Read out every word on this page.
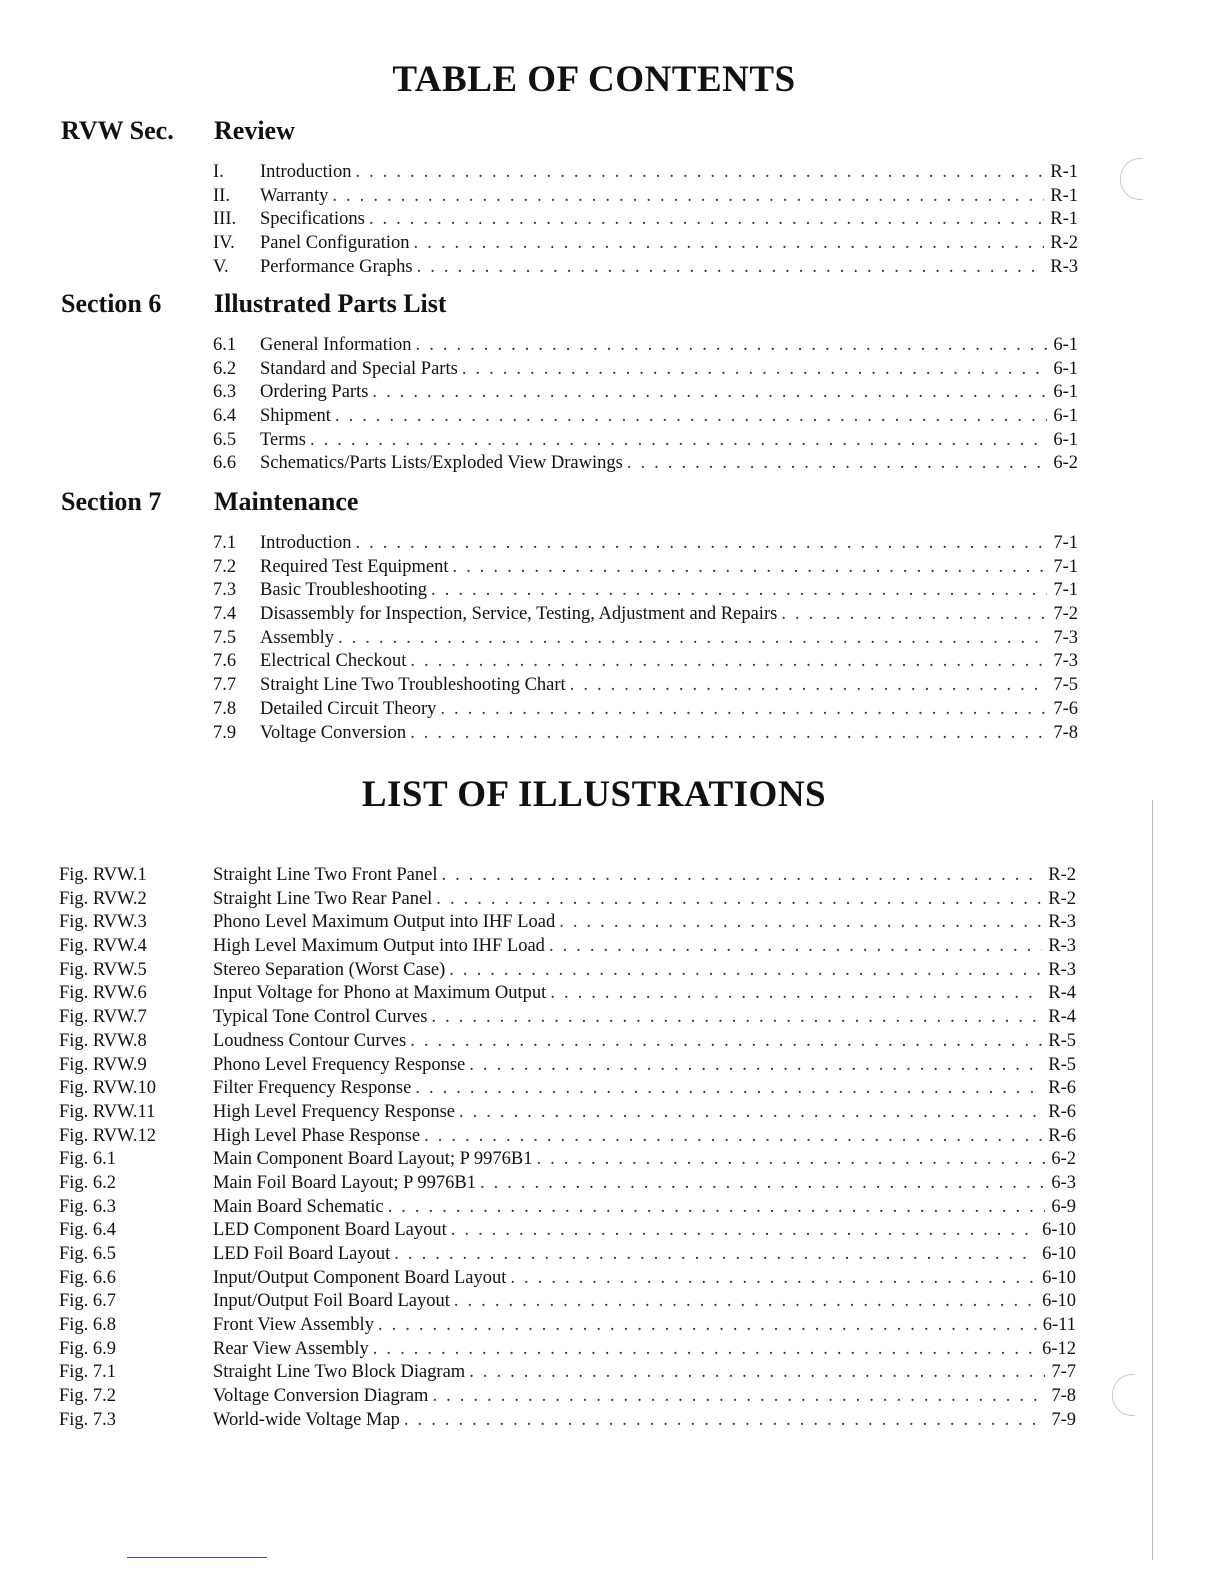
TABLE OF CONTENTS
RVW Sec. Review
I.	Introduction . . .	R-1
II.	Warranty . . .	R-1
III.	Specifications . . .	R-1
IV.	Panel Configuration . . .	R-2
V.	Performance Graphs . . .	R-3
Section 6 Illustrated Parts List
6.1	General Information . . .	6-1
6.2	Standard and Special Parts . . .	6-1
6.3	Ordering Parts . . .	6-1
6.4	Shipment . . .	6-1
6.5	Terms . . .	6-1
6.6	Schematics/Parts Lists/Exploded View Drawings . . .	6-2
Section 7 Maintenance
7.1	Introduction . . .	7-1
7.2	Required Test Equipment . . .	7-1
7.3	Basic Troubleshooting . . .	7-1
7.4	Disassembly for Inspection, Service, Testing, Adjustment and Repairs . . .	7-2
7.5	Assembly . . .	7-3
7.6	Electrical Checkout . . .	7-3
7.7	Straight Line Two Troubleshooting Chart . . .	7-5
7.8	Detailed Circuit Theory . . .	7-6
7.9	Voltage Conversion . . .	7-8
LIST OF ILLUSTRATIONS
Fig. RVW.1	Straight Line Two Front Panel . . .	R-2
Fig. RVW.2	Straight Line Two Rear Panel . . .	R-2
Fig. RVW.3	Phono Level Maximum Output into IHF Load . . .	R-3
Fig. RVW.4	High Level Maximum Output into IHF Load . . .	R-3
Fig. RVW.5	Stereo Separation (Worst Case) . . .	R-3
Fig. RVW.6	Input Voltage for Phono at Maximum Output . . .	R-4
Fig. RVW.7	Typical Tone Control Curves . . .	R-4
Fig. RVW.8	Loudness Contour Curves . . .	R-5
Fig. RVW.9	Phono Level Frequency Response . . .	R-5
Fig. RVW.10	Filter Frequency Response . . .	R-6
Fig. RVW.11	High Level Frequency Response . . .	R-6
Fig. RVW.12	High Level Phase Response . . .	R-6
Fig. 6.1	Main Component Board Layout; P 9976B1 . . .	6-2
Fig. 6.2	Main Foil Board Layout; P 9976B1 . . .	6-3
Fig. 6.3	Main Board Schematic . . .	6-9
Fig. 6.4	LED Component Board Layout . . .	6-10
Fig. 6.5	LED Foil Board Layout . . .	6-10
Fig. 6.6	Input/Output Component Board Layout . . .	6-10
Fig. 6.7	Input/Output Foil Board Layout . . .	6-10
Fig. 6.8	Front View Assembly . . .	6-11
Fig. 6.9	Rear View Assembly . . .	6-12
Fig. 7.1	Straight Line Two Block Diagram . . .	7-7
Fig. 7.2	Voltage Conversion Diagram . . .	7-8
Fig. 7.3	World-wide Voltage Map . . .	7-9
